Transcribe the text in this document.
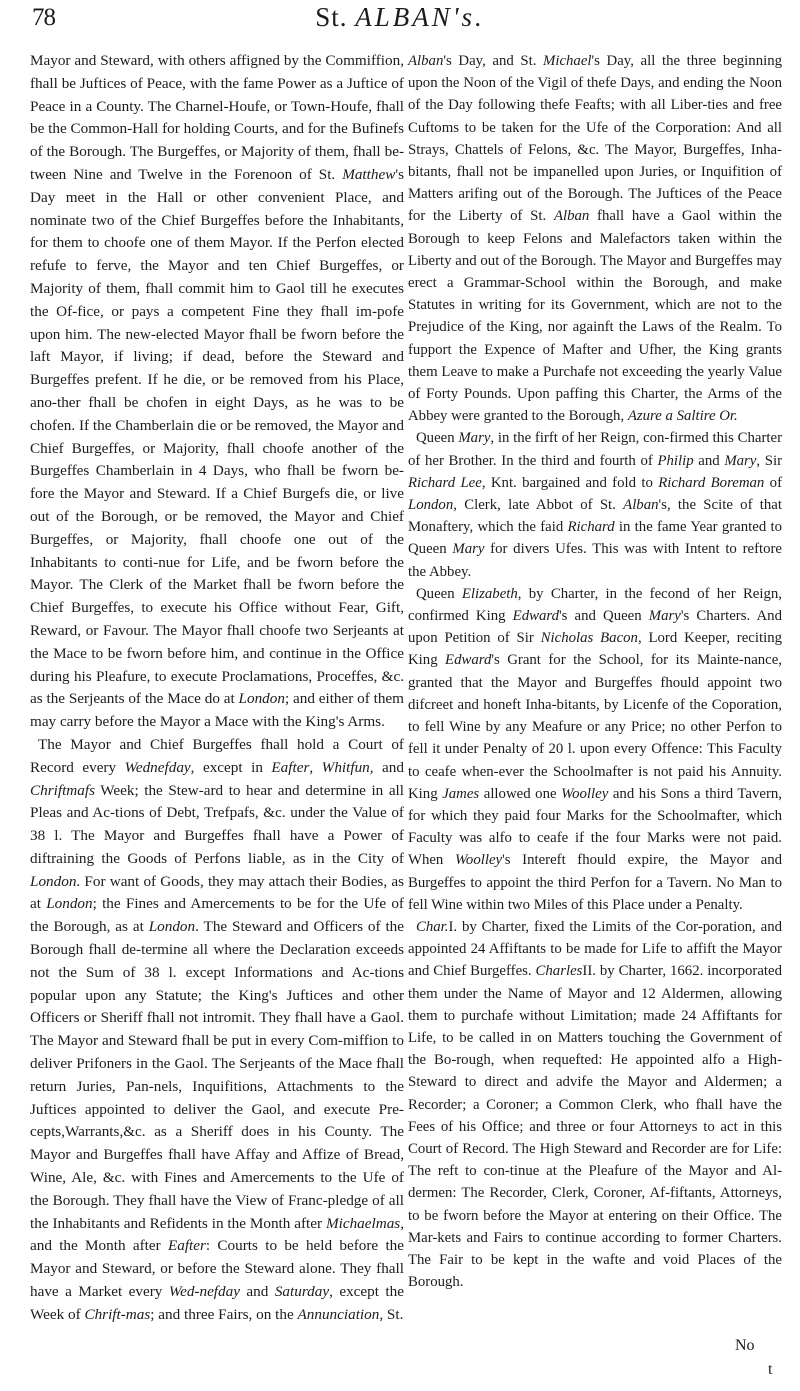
78	St. ALBAN's.

Mayor and Steward, with others affigned by the Commiffion, fhall be Juftices of Peace, with the fame Power as a Juftice of Peace in a County. The Charnel-Houfe, or Town-Houfe, fhall be the Common-Hall for holding Courts, and for the Bufinefs of the Borough. The Burgeffes, or Majority of them, fhall be-tween Nine and Twelve in the Forenoon of St. Matthew's Day meet in the Hall or other convenient Place, and nominate two of the Chief Burgeffes before the Inhabitants, for them to choofe one of them Mayor. If the Perfon elected refufe to ferve, the Mayor and ten Chief Burgeffes, or Majority of them, fhall commit him to Gaol till he executes the Of-fice, or pays a competent Fine they fhall im-pofe upon him. The new-elected Mayor fhall be fworn before the laft Mayor, if living; if dead, before the Steward and Burgeffes prefent. If he die, or be removed from his Place, ano-ther fhall be chofen in eight Days, as he was to be chofen. If the Chamberlain die or be removed, the Mayor and Chief Burgeffes, or Majority, fhall choofe another of the Burgeffes Chamberlain in 4 Days, who fhall be fworn be-fore the Mayor and Steward. If a Chief Burgefs die, or live out of the Borough, or be removed, the Mayor and Chief Burgeffes, or Majority, fhall choofe one out of the Inhabitants to conti-nue for Life, and be fworn before the Mayor. The Clerk of the Market fhall be fworn before the Chief Burgeffes, to execute his Office without Fear, Gift, Reward, or Favour. The Mayor fhall choofe two Serjeants at the Mace to be fworn before him, and continue in the Office during his Pleafure, to execute Proclamations, Proceffes, &c. as the Serjeants of the Mace do at London; and either of them may carry before the Mayor a Mace with the King's Arms.

The Mayor and Chief Burgeffes fhall hold a Court of Record every Wednefday, except in Eafter, Whitfun, and Chriftmafs Week; the Stew-ard to hear and determine in all Pleas and Ac-tions of Debt, Trefpafs, &c. under the Value of 38 l. The Mayor and Burgeffes fhall have a Power of diftraining the Goods of Perfons liable, as in the City of London. For want of Goods, they may attach their Bodies, as at London; the Fines and Amercements to be for the Ufe of the Borough, as at London. The Steward and Officers of the Borough fhall de-termine all where the Declaration exceeds not the Sum of 38 l. except Informations and Ac-tions popular upon any Statute; the King's Juftices and other Officers or Sheriff fhall not intromit. They fhall have a Gaol. The Mayor and Steward fhall be put in every Com-miffion to deliver Prifoners in the Gaol. The Serjeants of the Mace fhall return Juries, Pan-nels, Inquifitions, Attachments to the Juftices appointed to deliver the Gaol, and execute Pre-cepts,Warrants,&c. as a Sheriff does in his County. The Mayor and Burgeffes fhall have Affay and Affize of Bread, Wine, Ale, &c. with Fines and Amercements to the Ufe of the Borough. They fhall have the View of Franc-pledge of all the Inhabitants and Refidents in the Month after Michaelmas, and the Month after Eafter: Courts to be held before the Mayor and Steward, or before the Steward alone. They fhall have a Market every Wed-nefday and Saturday, except the Week of Chrift-mas; and three Fairs, on the Annunciation, St.

Alban's Day, and St. Michael's Day, all the three beginning upon the Noon of the Vigil of thefe Days, and ending the Noon of the Day following thefe Feafts; with all Liber-ties and free Cuftoms to be taken for the Ufe of the Corporation: And all Strays, Chattels of Felons, &c. The Mayor, Burgeffes, Inha-bitants, fhall not be impanelled upon Juries, or Inquifition of Matters arifing out of the Borough. The Juftices of the Peace for the Liberty of St. Alban fhall have a Gaol within the Borough to keep Felons and Malefactors taken within the Liberty and out of the Borough. The Mayor and Burgeffes may erect a Grammar-School within the Borough, and make Statutes in writing for its Government, which are not to the Prejudice of the King, nor againft the Laws of the Realm. To fupport the Expence of Mafter and Ufher, the King grants them Leave to make a Purchafe not exceeding the yearly Value of Forty Pounds. Upon paffing this Charter, the Arms of the Abbey were granted to the Borough, Azure a Saltire Or.

Queen Mary, in the firft of her Reign, con-firmed this Charter of her Brother. In the third and fourth of Philip and Mary, Sir Richard Lee, Knt. bargained and fold to Richard Boreman of London, Clerk, late Abbot of St. Alban's, the Scite of that Monaftery, which the faid Richard in the fame Year granted to Queen Mary for divers Ufes. This was with Intent to reftore the Abbey.

Queen Elizabeth, by Charter, in the fecond of her Reign, confirmed King Edward's and Queen Mary's Charters. And upon Petition of Sir Nicholas Bacon, Lord Keeper, reciting King Edward's Grant for the School, for its Mainte-nance, granted that the Mayor and Burgeffes fhould appoint two difcreet and honeft Inha-bitants, by Licenfe of the Coporation, to fell Wine by any Meafure or any Price; no other Perfon to fell it under Penalty of 20 l. upon every Offence: This Faculty to ceafe when-ever the Schoolmafter is not paid his Annuity. King James allowed one Woolley and his Sons a third Tavern, for which they paid four Marks for the Schoolmafter, which Faculty was alfo to ceafe if the four Marks were not paid. When Woolley's Intereft fhould expire, the Mayor and Burgeffes to appoint the third Perfon for a Tavern. No Man to fell Wine within two Miles of this Place under a Penalty.

Char.I. by Charter, fixed the Limits of the Cor-poration, and appointed 24 Affiftants to be made for Life to affift the Mayor and Chief Burgeffes. CharlesII. by Charter, 1662. incorporated them under the Name of Mayor and 12 Aldermen, allowing them to purchafe without Limitation; made 24 Affiftants for Life, to be called in on Matters touching the Government of the Bo-rough, when requefted: He appointed alfo a High-Steward to direct and advife the Mayor and Aldermen; a Recorder; a Coroner; a Common Clerk, who fhall have the Fees of his Office; and three or four Attorneys to act in this Court of Record. The High Steward and Recorder are for Life: The reft to con-tinue at the Pleafure of the Mayor and Al-dermen: The Recorder, Clerk, Coroner, Af-fiftants, Attorneys, to be fworn before the Mayor at entering on their Office. The Mar-kets and Fairs to continue according to former Charters. The Fair to be kept in the wafte and void Places of the Borough.

No
t
